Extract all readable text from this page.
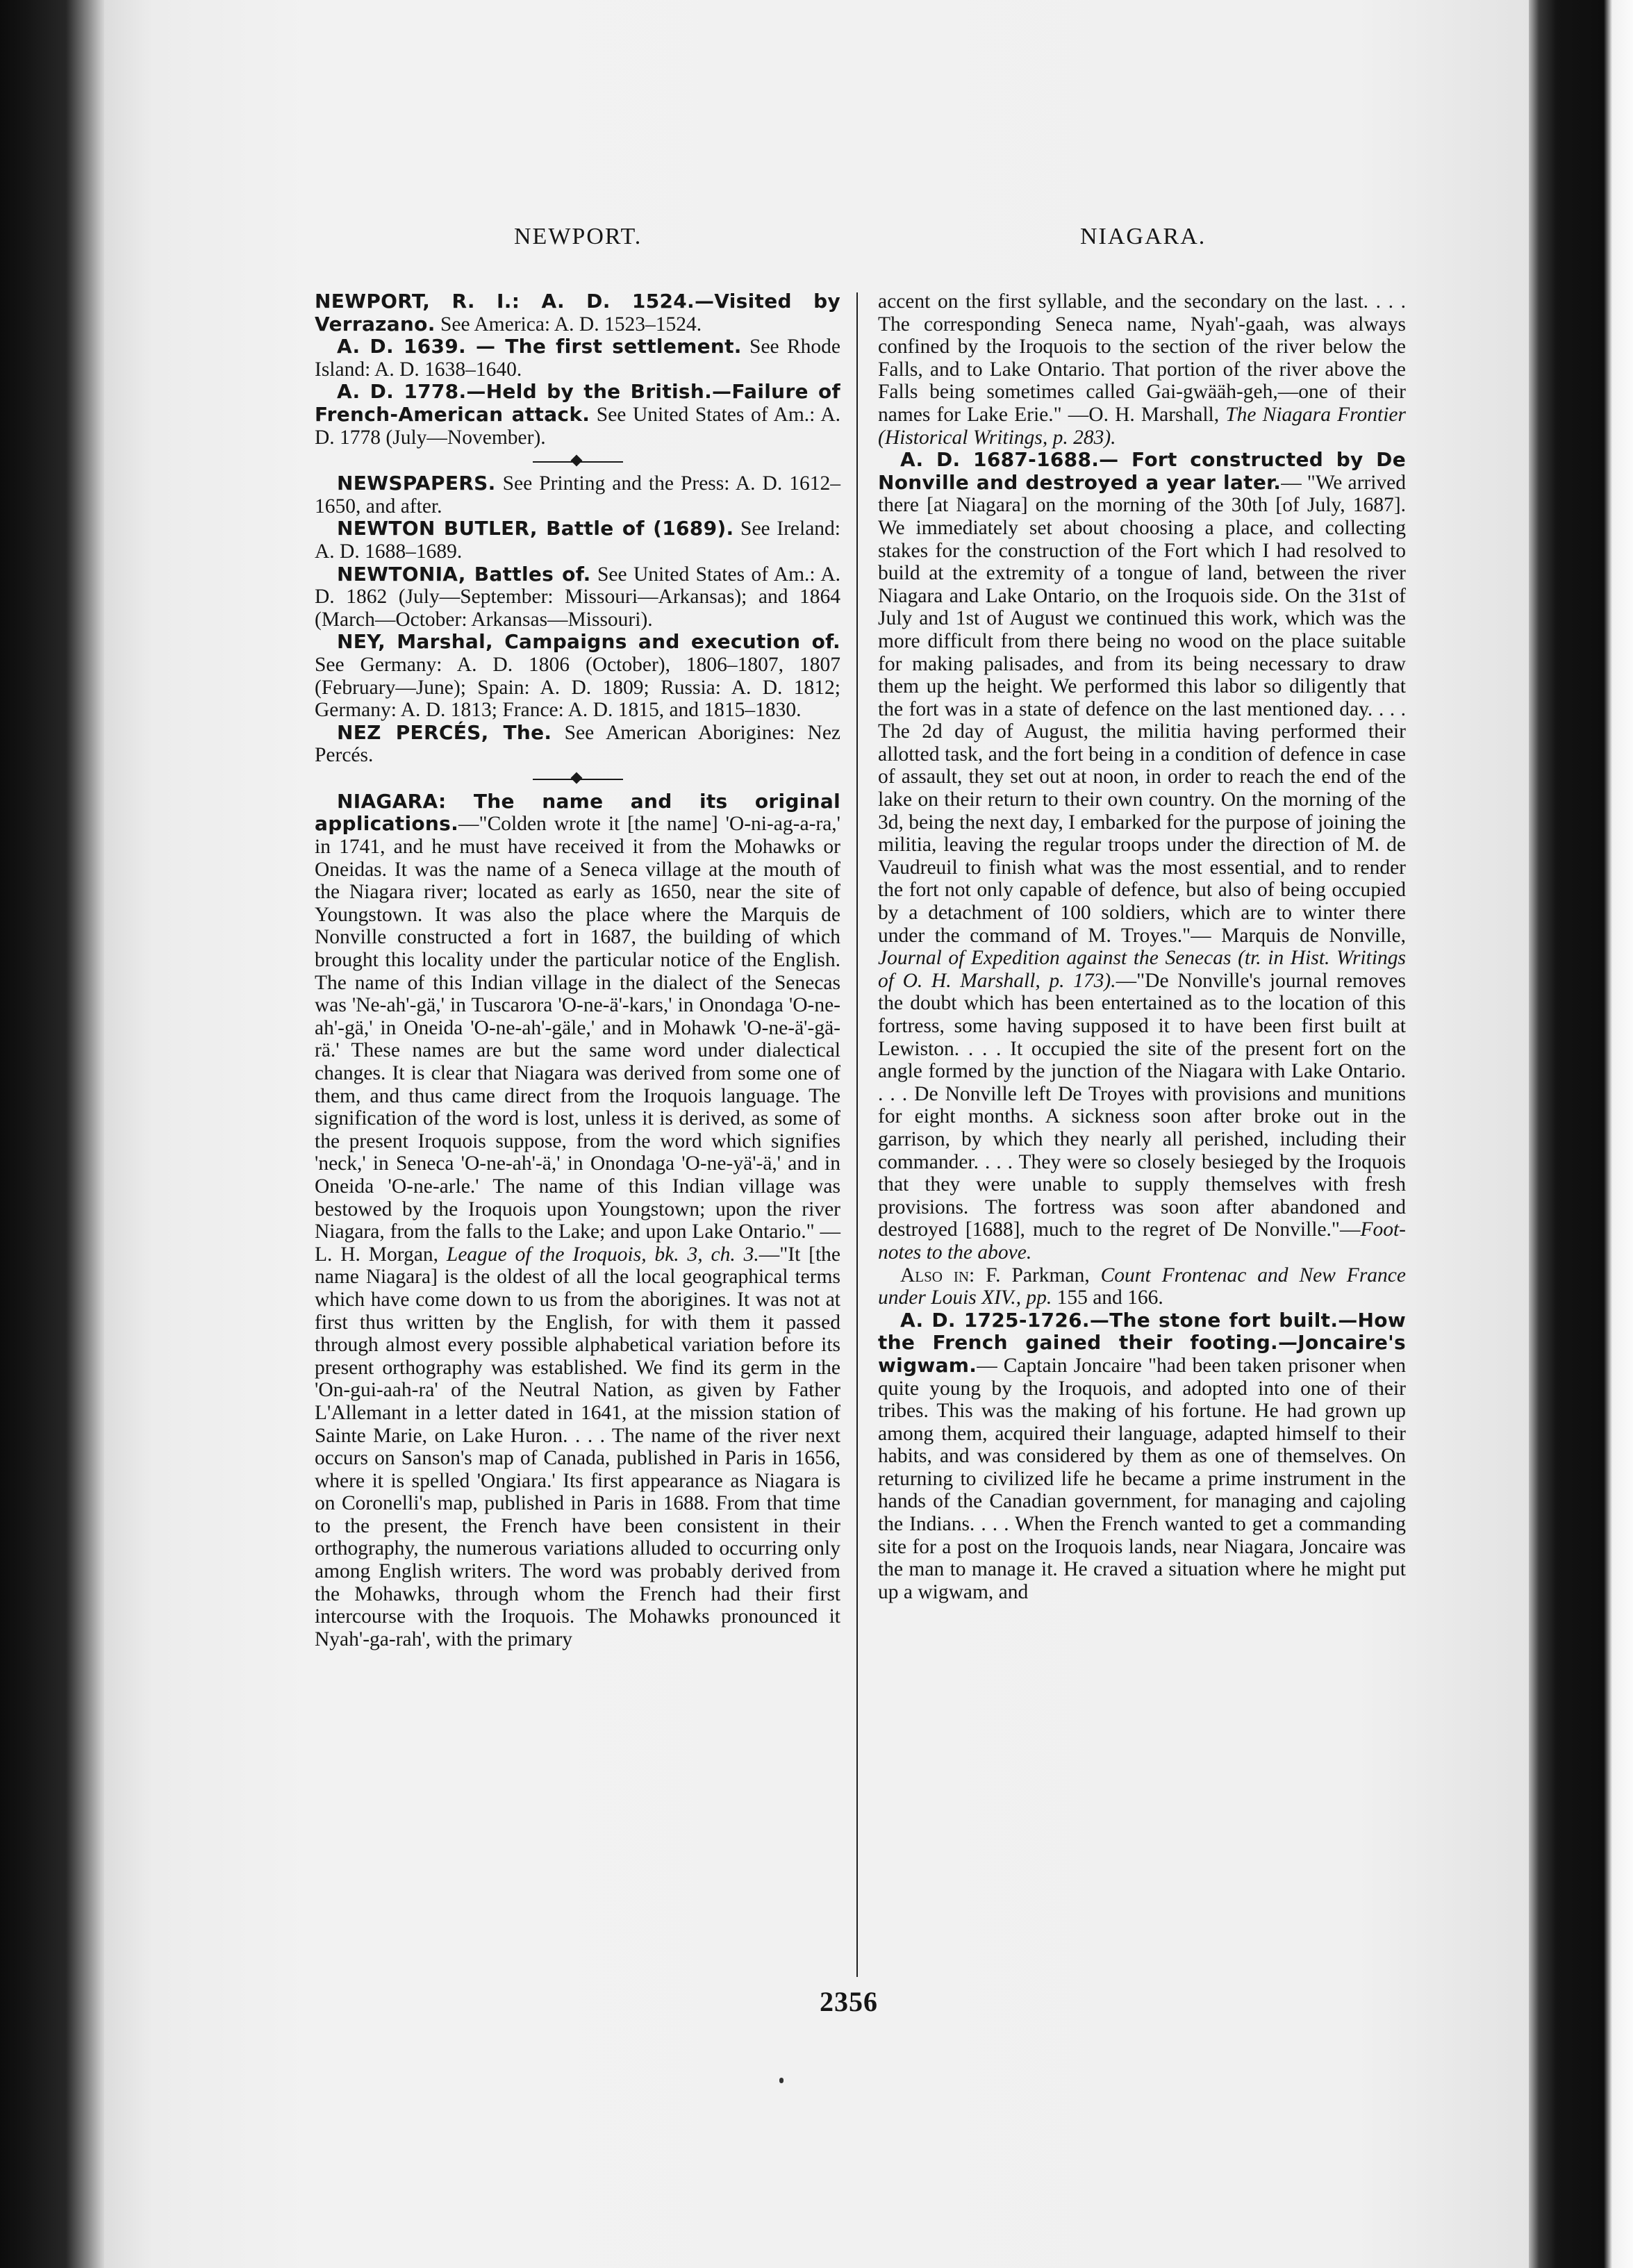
NEWPORT.	NIAGARA.

NEWPORT, R. I.: A. D. 1524.—Visited by Verrazano. See America: A. D. 1523–1524.

A. D. 1639. — The first settlement. See Rhode Island: A. D. 1638–1640.

A. D. 1778.—Held by the British.—Failure of French-American attack. See United States of Am.: A. D. 1778 (July—November).

NEWSPAPERS. See Printing and the Press: A. D. 1612–1650, and after.

NEWTON BUTLER, Battle of (1689). See Ireland: A. D. 1688–1689.

NEWTONIA, Battles of. See United States of Am.: A. D. 1862 (July—September: Missouri—Arkansas); and 1864 (March—October: Arkansas—Missouri).

NEY, Marshal, Campaigns and execution of. See Germany: A. D. 1806 (October), 1806–1807, 1807 (February—June); Spain: A. D. 1809; Russia: A. D. 1812; Germany: A. D. 1813; France: A. D. 1815, and 1815–1830.

NEZ PERCÉS, The. See American Aborigines: Nez Percés.

NIAGARA: The name and its original applications.—"Colden wrote it [the name] 'O-ni-ag-a-ra,' in 1741, and he must have received it from the Mohawks or Oneidas. It was the name of a Seneca village at the mouth of the Niagara river; located as early as 1650, near the site of Youngstown. It was also the place where the Marquis de Nonville constructed a fort in 1687, the building of which brought this locality under the particular notice of the English. The name of this Indian village in the dialect of the Senecas was 'Ne-ah'-gä,' in Tuscarora 'O-ne-ä'-kars,' in Onondaga 'O-ne-ah'-gä,' in Oneida 'O-ne-ah'-gäle,' and in Mohawk 'O-ne-ä'-gä-rä.' These names are but the same word under dialectical changes. It is clear that Niagara was derived from some one of them, and thus came direct from the Iroquois language. The signification of the word is lost, unless it is derived, as some of the present Iroquois suppose, from the word which signifies 'neck,' in Seneca 'O-ne-ah'-ä,' in Onondaga 'O-ne-yä'-ä,' and in Oneida 'O-ne-arle.' The name of this Indian village was bestowed by the Iroquois upon Youngstown; upon the river Niagara, from the falls to the Lake; and upon Lake Ontario." —L. H. Morgan, League of the Iroquois, bk. 3, ch. 3.—"It [the name Niagara] is the oldest of all the local geographical terms which have come down to us from the aborigines. It was not at first thus written by the English, for with them it passed through almost every possible alphabetical variation before its present orthography was established. We find its germ in the 'On-gui-aah-ra' of the Neutral Nation, as given by Father L'Allemant in a letter dated in 1641, at the mission station of Sainte Marie, on Lake Huron. . . . The name of the river next occurs on Sanson's map of Canada, published in Paris in 1656, where it is spelled 'Ongiara.' Its first appearance as Niagara is on Coronelli's map, published in Paris in 1688. From that time to the present, the French have been consistent in their orthography, the numerous variations alluded to occurring only among English writers. The word was probably derived from the Mohawks, through whom the French had their first intercourse with the Iroquois. The Mohawks pronounced it Nyah'-ga-rah', with the primary

accent on the first syllable, and the secondary on the last. . . . The corresponding Seneca name, Nyah'-gaah, was always confined by the Iroquois to the section of the river below the Falls, and to Lake Ontario. That portion of the river above the Falls being sometimes called Gai-gwääh-geh,—one of their names for Lake Erie." —O. H. Marshall, The Niagara Frontier (Historical Writings, p. 283).

A. D. 1687-1688.— Fort constructed by De Nonville and destroyed a year later.— "We arrived there [at Niagara] on the morning of the 30th [of July, 1687]. We immediately set about choosing a place, and collecting stakes for the construction of the Fort which I had resolved to build at the extremity of a tongue of land, between the river Niagara and Lake Ontario, on the Iroquois side. On the 31st of July and 1st of August we continued this work, which was the more difficult from there being no wood on the place suitable for making palisades, and from its being necessary to draw them up the height. We performed this labor so diligently that the fort was in a state of defence on the last mentioned day. . . . The 2d day of August, the militia having performed their allotted task, and the fort being in a condition of defence in case of assault, they set out at noon, in order to reach the end of the lake on their return to their own country. On the morning of the 3d, being the next day, I embarked for the purpose of joining the militia, leaving the regular troops under the direction of M. de Vaudreuil to finish what was the most essential, and to render the fort not only capable of defence, but also of being occupied by a detachment of 100 soldiers, which are to winter there under the command of M. Troyes."— Marquis de Nonville, Journal of Expedition against the Senecas (tr. in Hist. Writings of O. H. Marshall, p. 173).—"De Nonville's journal removes the doubt which has been entertained as to the location of this fortress, some having supposed it to have been first built at Lewiston. . . . It occupied the site of the present fort on the angle formed by the junction of the Niagara with Lake Ontario. . . . De Nonville left De Troyes with provisions and munitions for eight months. A sickness soon after broke out in the garrison, by which they nearly all perished, including their commander. . . . They were so closely besieged by the Iroquois that they were unable to supply themselves with fresh provisions. The fortress was soon after abandoned and destroyed [1688], much to the regret of De Nonville."—Foot-notes to the above.

Also in: F. Parkman, Count Frontenac and New France under Louis XIV., pp. 155 and 166.

A. D. 1725-1726.—The stone fort built.—How the French gained their footing.—Joncaire's wigwam.— Captain Joncaire "had been taken prisoner when quite young by the Iroquois, and adopted into one of their tribes. This was the making of his fortune. He had grown up among them, acquired their language, adapted himself to their habits, and was considered by them as one of themselves. On returning to civilized life he became a prime instrument in the hands of the Canadian government, for managing and cajoling the Indians. . . . When the French wanted to get a commanding site for a post on the Iroquois lands, near Niagara, Joncaire was the man to manage it. He craved a situation where he might put up a wigwam, and

2356
